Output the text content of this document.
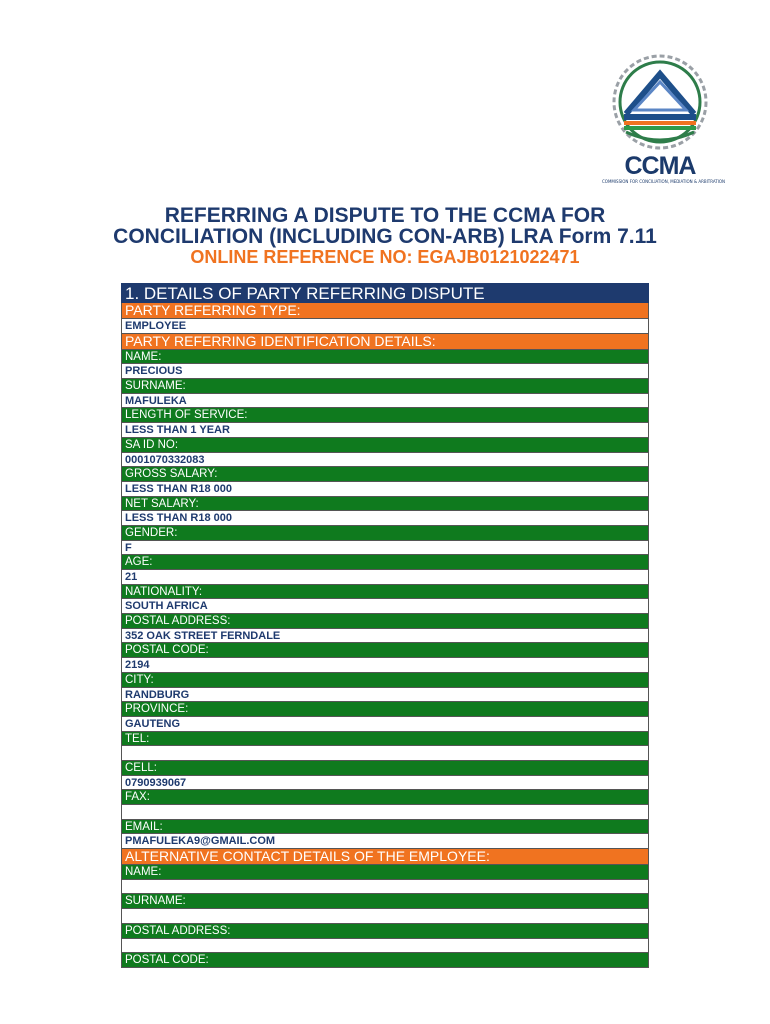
CCMA
COMMISSION FOR CONCILIATION, MEDIATION & ARBITRATION
REFERRING A DISPUTE TO THE CCMA FOR
CONCILIATION (INCLUDING CON-ARB) LRA Form 7.11
ONLINE REFERENCE NO: EGAJB0121022471
1. DETAILS OF PARTY REFERRING DISPUTE
PARTY REFERRING TYPE:
EMPLOYEE
PARTY REFERRING IDENTIFICATION DETAILS:
NAME:
PRECIOUS
SURNAME:
MAFULEKA
LENGTH OF SERVICE:
LESS THAN 1 YEAR
SA ID NO:
0001070332083
GROSS SALARY:
LESS THAN R18 000
NET SALARY:
LESS THAN R18 000
GENDER:
F
AGE:
21
NATIONALITY:
SOUTH AFRICA
POSTAL ADDRESS:
352 OAK STREET FERNDALE
POSTAL CODE:
2194
CITY:
RANDBURG
PROVINCE:
GAUTENG
TEL:
CELL:
0790939067
FAX:
EMAIL:
PMAFULEKA9@GMAIL.COM
ALTERNATIVE CONTACT DETAILS OF THE EMPLOYEE:
NAME:
SURNAME:
POSTAL ADDRESS:
POSTAL CODE:
